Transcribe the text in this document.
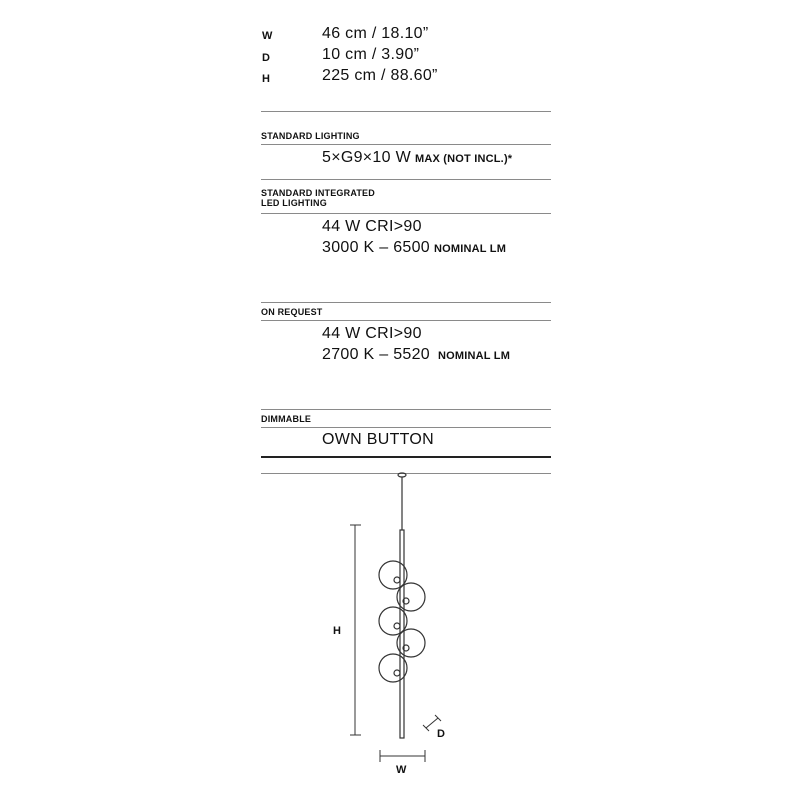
W	46 cm / 18.10”
D	10 cm / 3.90”
H	225 cm / 88.60”
STANDARD LIGHTING
5×G9×10 W MAX (NOT INCL.)*
STANDARD INTEGRATED
LED LIGHTING
44 W CRI>90
3000 K – 6500 NOMINAL LM
ON REQUEST
44 W CRI>90
2700 K – 5520 NOMINAL LM
DIMMABLE
OWN BUTTON
H
D
W
